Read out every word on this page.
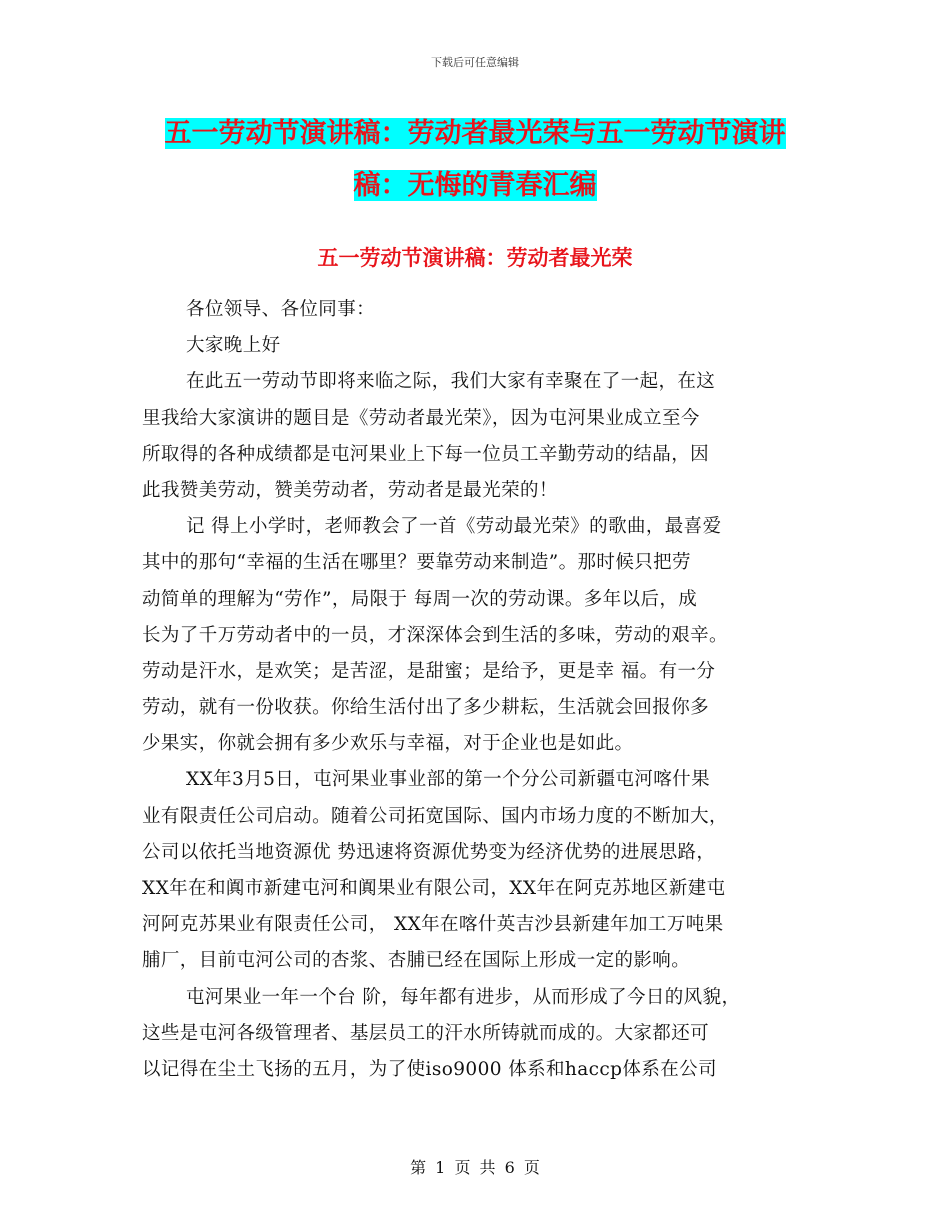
下载后可任意编辑
五一劳动节演讲稿：劳动者最光荣与五一劳动节演讲
稿：无悔的青春汇编
五一劳动节演讲稿：劳动者最光荣
各位领导、各位同事：
大家晚上好
在此五一劳动节即将来临之际，我们大家有幸聚在了一起，在这
里我给大家演讲的题目是《劳动者最光荣》，因为屯河果业成立至今
所取得的各种成绩都是屯河果业上下每一位员工辛勤劳动的结晶，因
此我赞美劳动，赞美劳动者，劳动者是最光荣的！
记 得上小学时，老师教会了一首《劳动最光荣》的歌曲，最喜爱
其中的那句“幸福的生活在哪里？要靠劳动来制造”。那时候只把劳
动简单的理解为“劳作”，局限于 每周一次的劳动课。多年以后，成
长为了千万劳动者中的一员，才深深体会到生活的多味，劳动的艰辛。
劳动是汗水，是欢笑；是苦涩，是甜蜜；是给予，更是幸 福。有一分
劳动，就有一份收获。你给生活付出了多少耕耘，生活就会回报你多
少果实，你就会拥有多少欢乐与幸福，对于企业也是如此。
XX年3月5日，屯河果业事业部的第一个分公司新疆屯河喀什果
业有限责任公司启动。随着公司拓宽国际、国内市场力度的不断加大，
公司以依托当地资源优 势迅速将资源优势变为经济优势的进展思路，
XX年在和阗市新建屯河和阗果业有限公司，XX年在阿克苏地区新建屯
河阿克苏果业有限责任公司， XX年在喀什英吉沙县新建年加工万吨果
脯厂，目前屯河公司的杏浆、杏脯已经在国际上形成一定的影响。
屯河果业一年一个台 阶，每年都有进步，从而形成了今日的风貌，
这些是屯河各级管理者、基层员工的汗水所铸就而成的。大家都还可
以记得在尘土飞扬的五月，为了使iso9000 体系和haccp体系在公司
第 1 页 共 6 页
